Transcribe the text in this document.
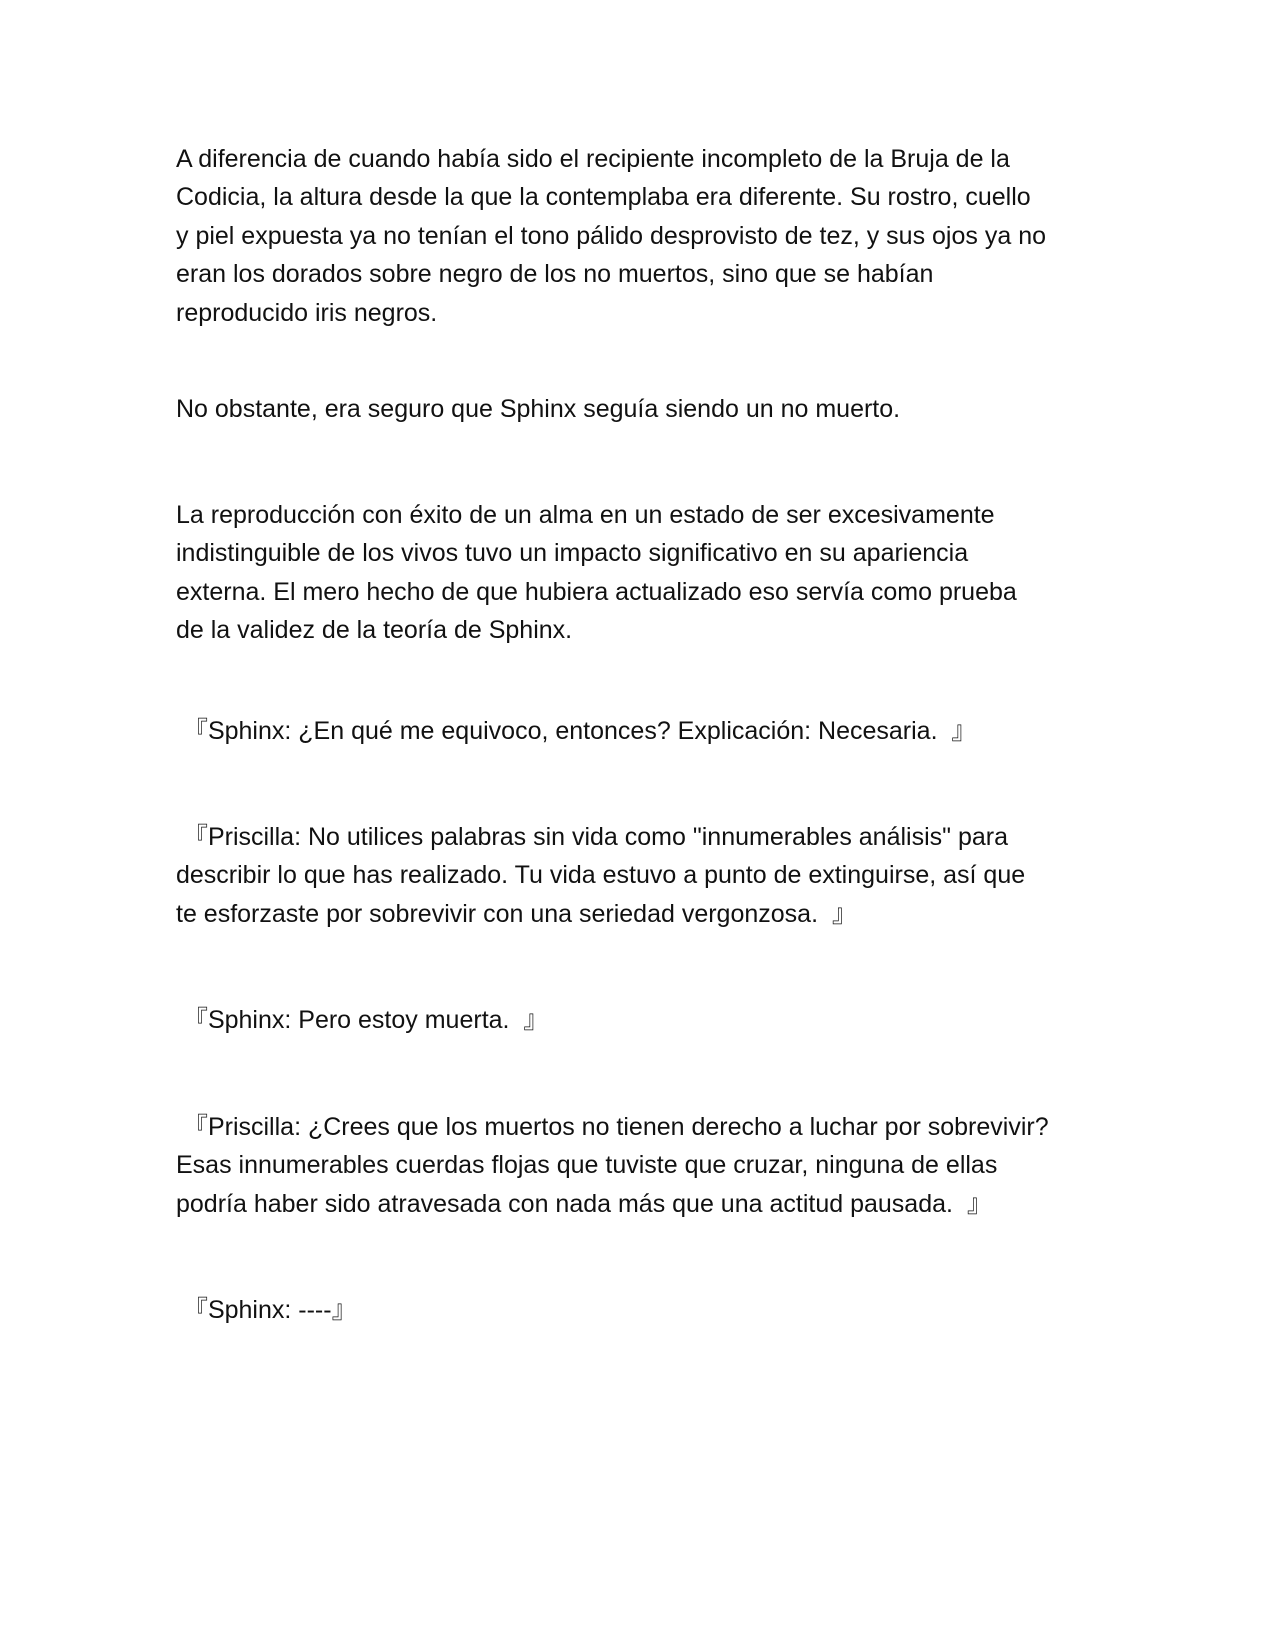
A diferencia de cuando había sido el recipiente incompleto de la Bruja de la
Codicia, la altura desde la que la contemplaba era diferente. Su rostro, cuello
y piel expuesta ya no tenían el tono pálido desprovisto de tez, y sus ojos ya no
eran los dorados sobre negro de los no muertos, sino que se habían
reproducido iris negros.

No obstante, era seguro que Sphinx seguía siendo un no muerto.

La reproducción con éxito de un alma en un estado de ser excesivamente
indistinguible de los vivos tuvo un impacto significativo en su apariencia
externa. El mero hecho de que hubiera actualizado eso servía como prueba
de la validez de la teoría de Sphinx.

『Sphinx: ¿En qué me equivoco, entonces? Explicación: Necesaria.  』

『Priscilla: No utilices palabras sin vida como "innumerables análisis" para
describir lo que has realizado. Tu vida estuvo a punto de extinguirse, así que
te esforzaste por sobrevivir con una seriedad vergonzosa.  』

『Sphinx: Pero estoy muerta.  』

『Priscilla: ¿Crees que los muertos no tienen derecho a luchar por sobrevivir?
Esas innumerables cuerdas flojas que tuviste que cruzar, ninguna de ellas
podría haber sido atravesada con nada más que una actitud pausada.  』

『Sphinx: ----』
